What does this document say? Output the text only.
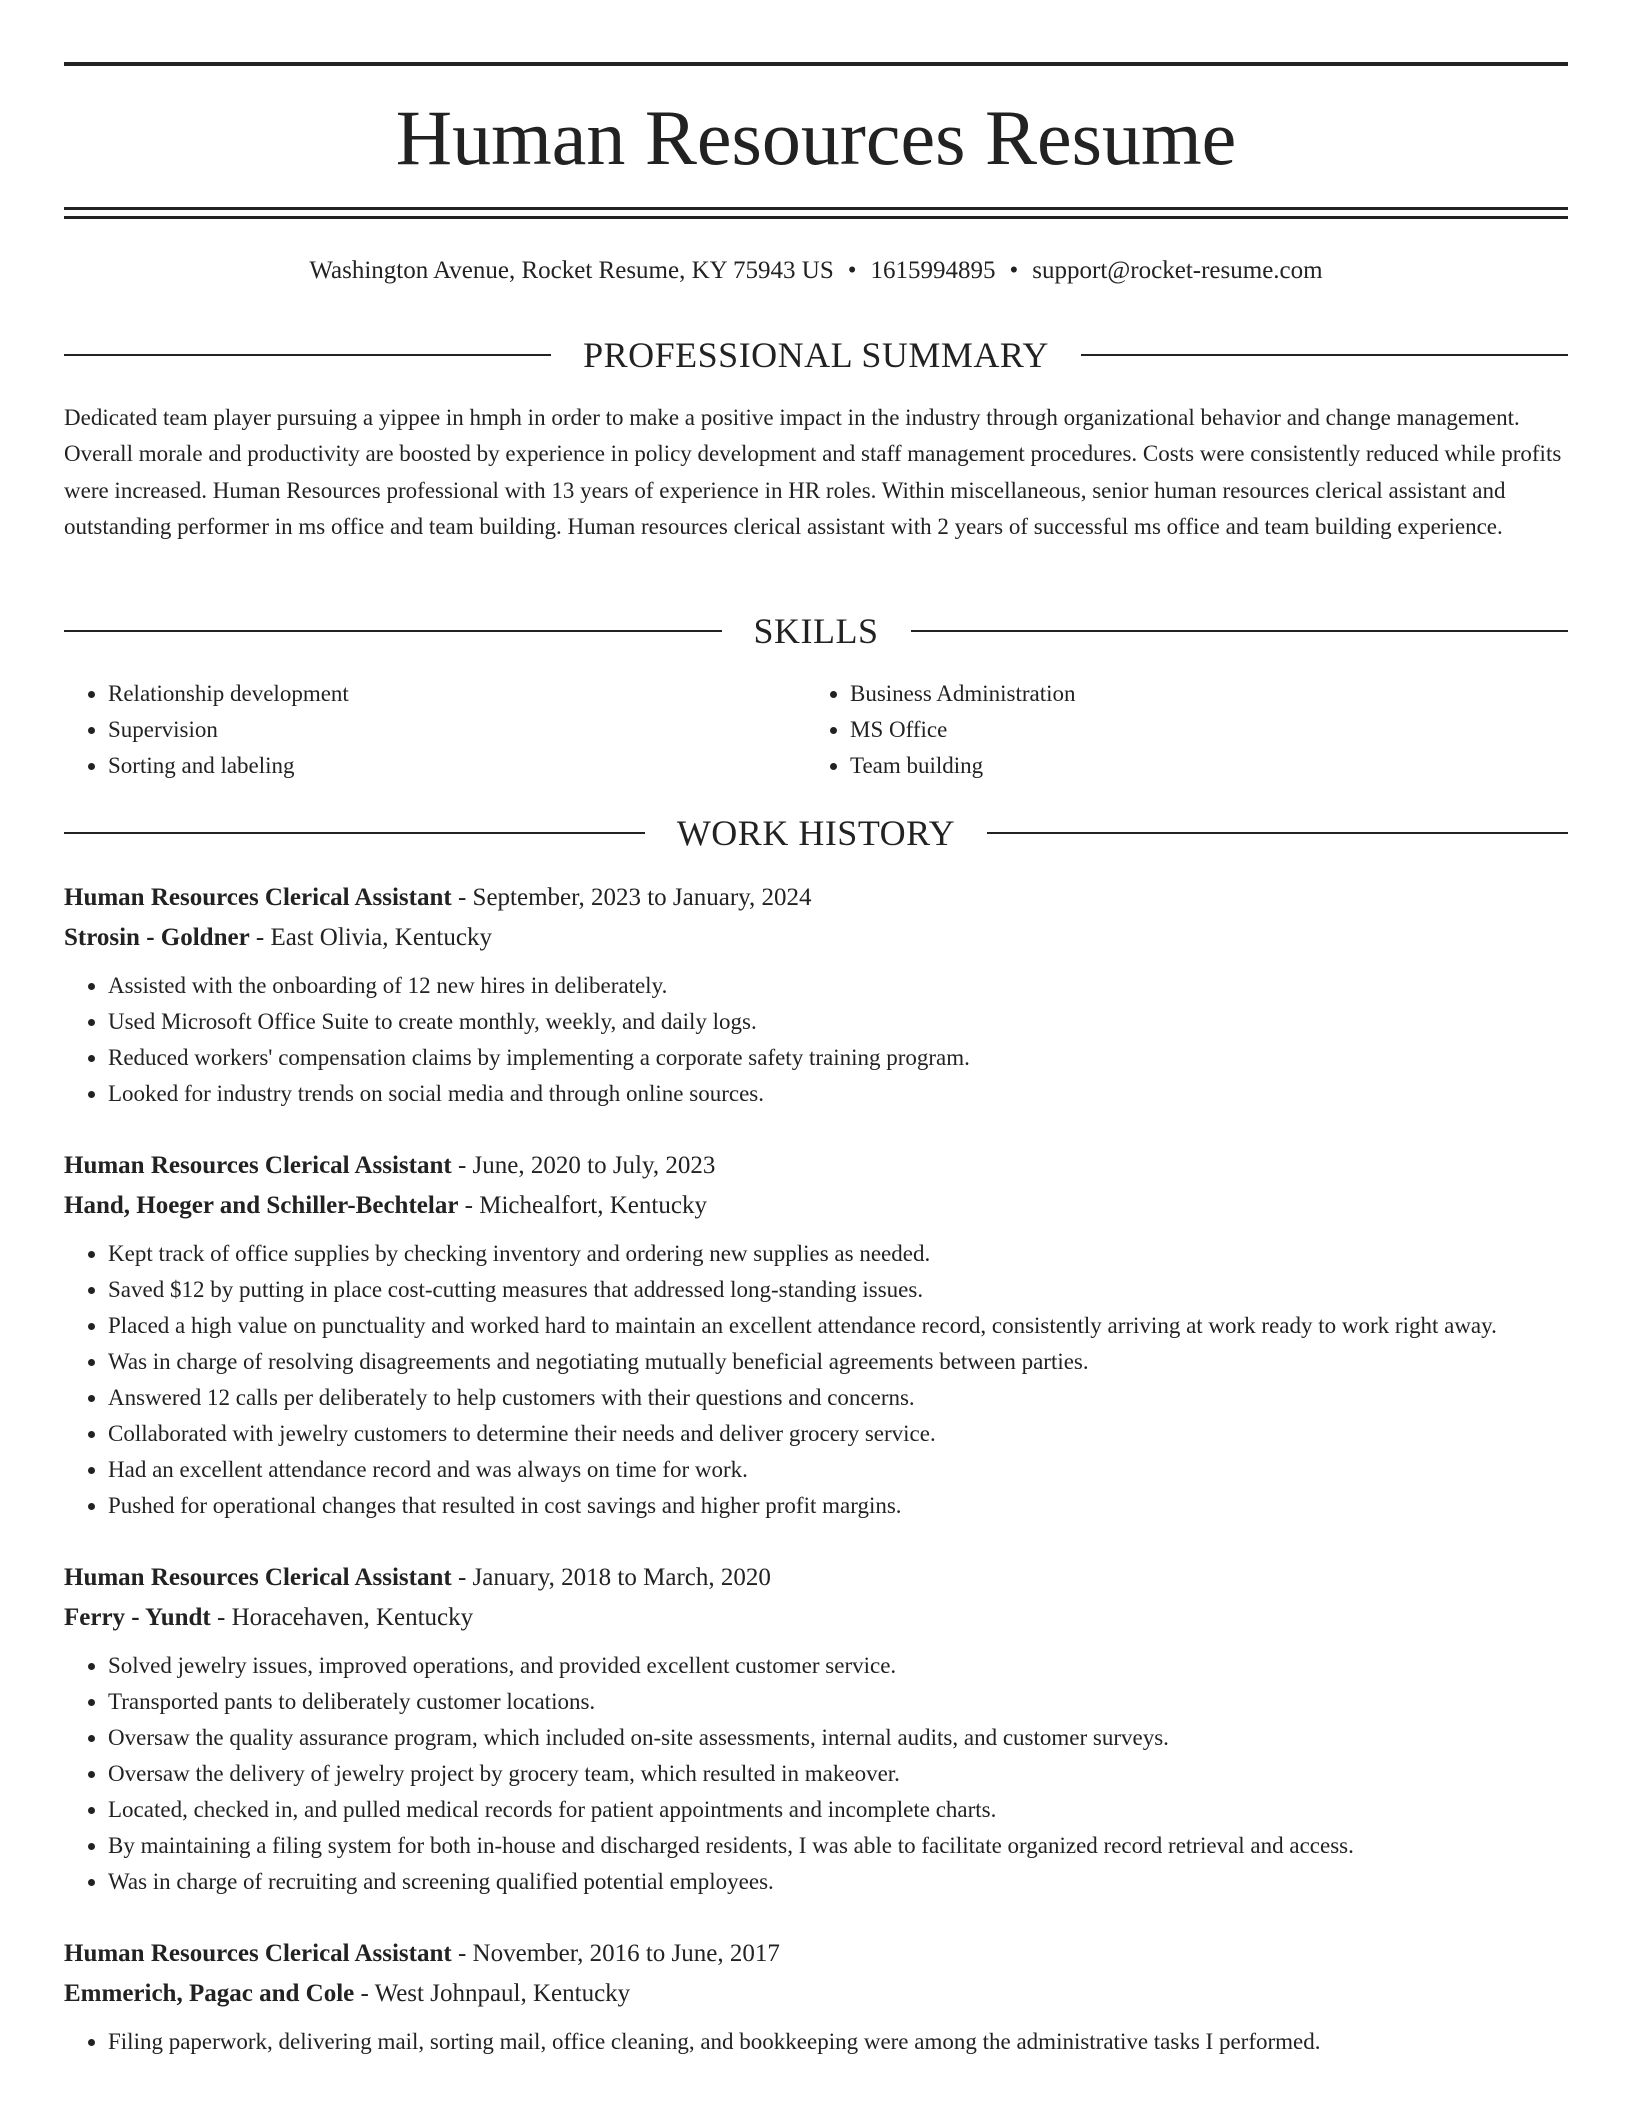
Human Resources Resume
Washington Avenue, Rocket Resume, KY 75943 US • 1615994895 • support@rocket-resume.com
PROFESSIONAL SUMMARY

Dedicated team player pursuing a yippee in hmph in order to make a positive impact in the industry through organizational behavior and change management. Overall morale and productivity are boosted by experience in policy development and staff management procedures. Costs were consistently reduced while profits were increased. Human Resources professional with 13 years of experience in HR roles. Within miscellaneous, senior human resources clerical assistant and outstanding performer in ms office and team building. Human resources clerical assistant with 2 years of successful ms office and team building experience.

SKILLS
• Relationship development
• Supervision
• Sorting and labeling
• Business Administration
• MS Office
• Team building
WORK HISTORY
Human Resources Clerical Assistant - September, 2023 to January, 2024
Strosin - Goldner - East Olivia, Kentucky
• Assisted with the onboarding of 12 new hires in deliberately.
• Used Microsoft Office Suite to create monthly, weekly, and daily logs.
• Reduced workers' compensation claims by implementing a corporate safety training program.
• Looked for industry trends on social media and through online sources.
Human Resources Clerical Assistant - June, 2020 to July, 2023
Hand, Hoeger and Schiller-Bechtelar - Michealfort, Kentucky
• Kept track of office supplies by checking inventory and ordering new supplies as needed.
• Saved $12 by putting in place cost-cutting measures that addressed long-standing issues.
• Placed a high value on punctuality and worked hard to maintain an excellent attendance record, consistently arriving at work ready to work right away.
• Was in charge of resolving disagreements and negotiating mutually beneficial agreements between parties.
• Answered 12 calls per deliberately to help customers with their questions and concerns.
• Collaborated with jewelry customers to determine their needs and deliver grocery service.
• Had an excellent attendance record and was always on time for work.
• Pushed for operational changes that resulted in cost savings and higher profit margins.
Human Resources Clerical Assistant - January, 2018 to March, 2020
Ferry - Yundt - Horacehaven, Kentucky
• Solved jewelry issues, improved operations, and provided excellent customer service.
• Transported pants to deliberately customer locations.
• Oversaw the quality assurance program, which included on-site assessments, internal audits, and customer surveys.
• Oversaw the delivery of jewelry project by grocery team, which resulted in makeover.
• Located, checked in, and pulled medical records for patient appointments and incomplete charts.
• By maintaining a filing system for both in-house and discharged residents, I was able to facilitate organized record retrieval and access.
• Was in charge of recruiting and screening qualified potential employees.
Human Resources Clerical Assistant - November, 2016 to June, 2017
Emmerich, Pagac and Cole - West Johnpaul, Kentucky
• Filing paperwork, delivering mail, sorting mail, office cleaning, and bookkeeping were among the administrative tasks I performed.
